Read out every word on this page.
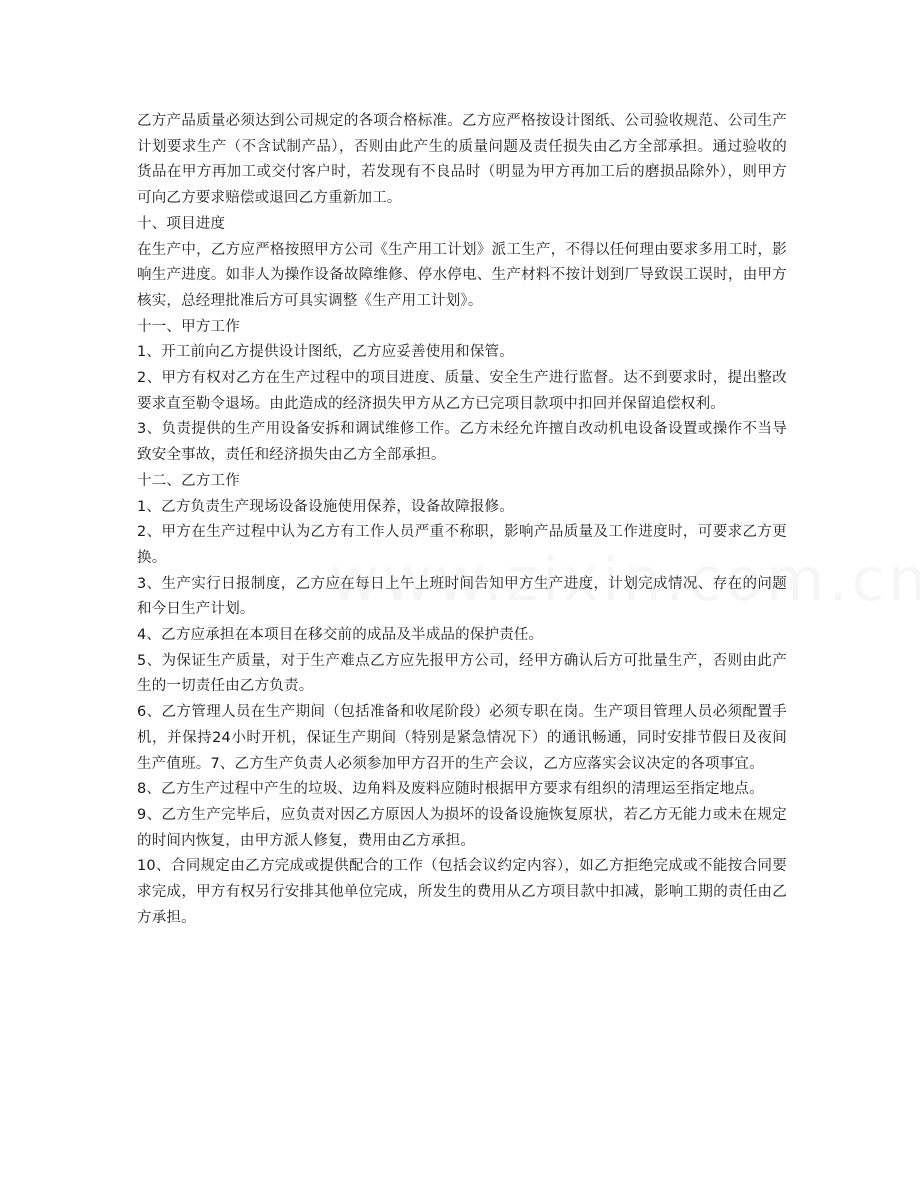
乙方产品质量必须达到公司规定的各项合格标准。乙方应严格按设计图纸、公司验收规范、公司生产计划要求生产（不含试制产品），否则由此产生的质量问题及责任损失由乙方全部承担。通过验收的货品在甲方再加工或交付客户时，若发现有不良品时（明显为甲方再加工后的磨损品除外），则甲方可向乙方要求赔偿或退回乙方重新加工。

十、项目进度

在生产中，乙方应严格按照甲方公司《生产用工计划》派工生产，不得以任何理由要求多用工时，影响生产进度。如非人为操作设备故障维修、停水停电、生产材料不按计划到厂导致误工误时，由甲方核实，总经理批准后方可具实调整《生产用工计划》。

十一、甲方工作

1、开工前向乙方提供设计图纸，乙方应妥善使用和保管。

2、甲方有权对乙方在生产过程中的项目进度、质量、安全生产进行监督。达不到要求时，提出整改要求直至勒令退场。由此造成的经济损失甲方从乙方已完项目款项中扣回并保留追偿权利。

3、负责提供的生产用设备安拆和调试维修工作。乙方未经允许擅自改动机电设备设置或操作不当导致安全事故，责任和经济损失由乙方全部承担。

十二、乙方工作

1、乙方负责生产现场设备设施使用保养，设备故障报修。

2、甲方在生产过程中认为乙方有工作人员严重不称职，影响产品质量及工作进度时，可要求乙方更换。

3、生产实行日报制度，乙方应在每日上午上班时间告知甲方生产进度，计划完成情况、存在的问题和今日生产计划。

4、乙方应承担在本项目在移交前的成品及半成品的保护责任。

5、为保证生产质量，对于生产难点乙方应先报甲方公司，经甲方确认后方可批量生产，否则由此产生的一切责任由乙方负责。

6、乙方管理人员在生产期间（包括准备和收尾阶段）必须专职在岗。生产项目管理人员必须配置手机，并保持24小时开机，保证生产期间（特别是紧急情况下）的通讯畅通，同时安排节假日及夜间生产值班。7、乙方生产负责人必须参加甲方召开的生产会议，乙方应落实会议决定的各项事宜。

8、乙方生产过程中产生的垃圾、边角料及废料应随时根据甲方要求有组织的清理运至指定地点。

9、乙方生产完毕后，应负责对因乙方原因人为损坏的设备设施恢复原状，若乙方无能力或未在规定的时间内恢复，由甲方派人修复，费用由乙方承担。

10、合同规定由乙方完成或提供配合的工作（包括会议约定内容），如乙方拒绝完成或不能按合同要求完成，甲方有权另行安排其他单位完成，所发生的费用从乙方项目款中扣减，影响工期的责任由乙方承担。
